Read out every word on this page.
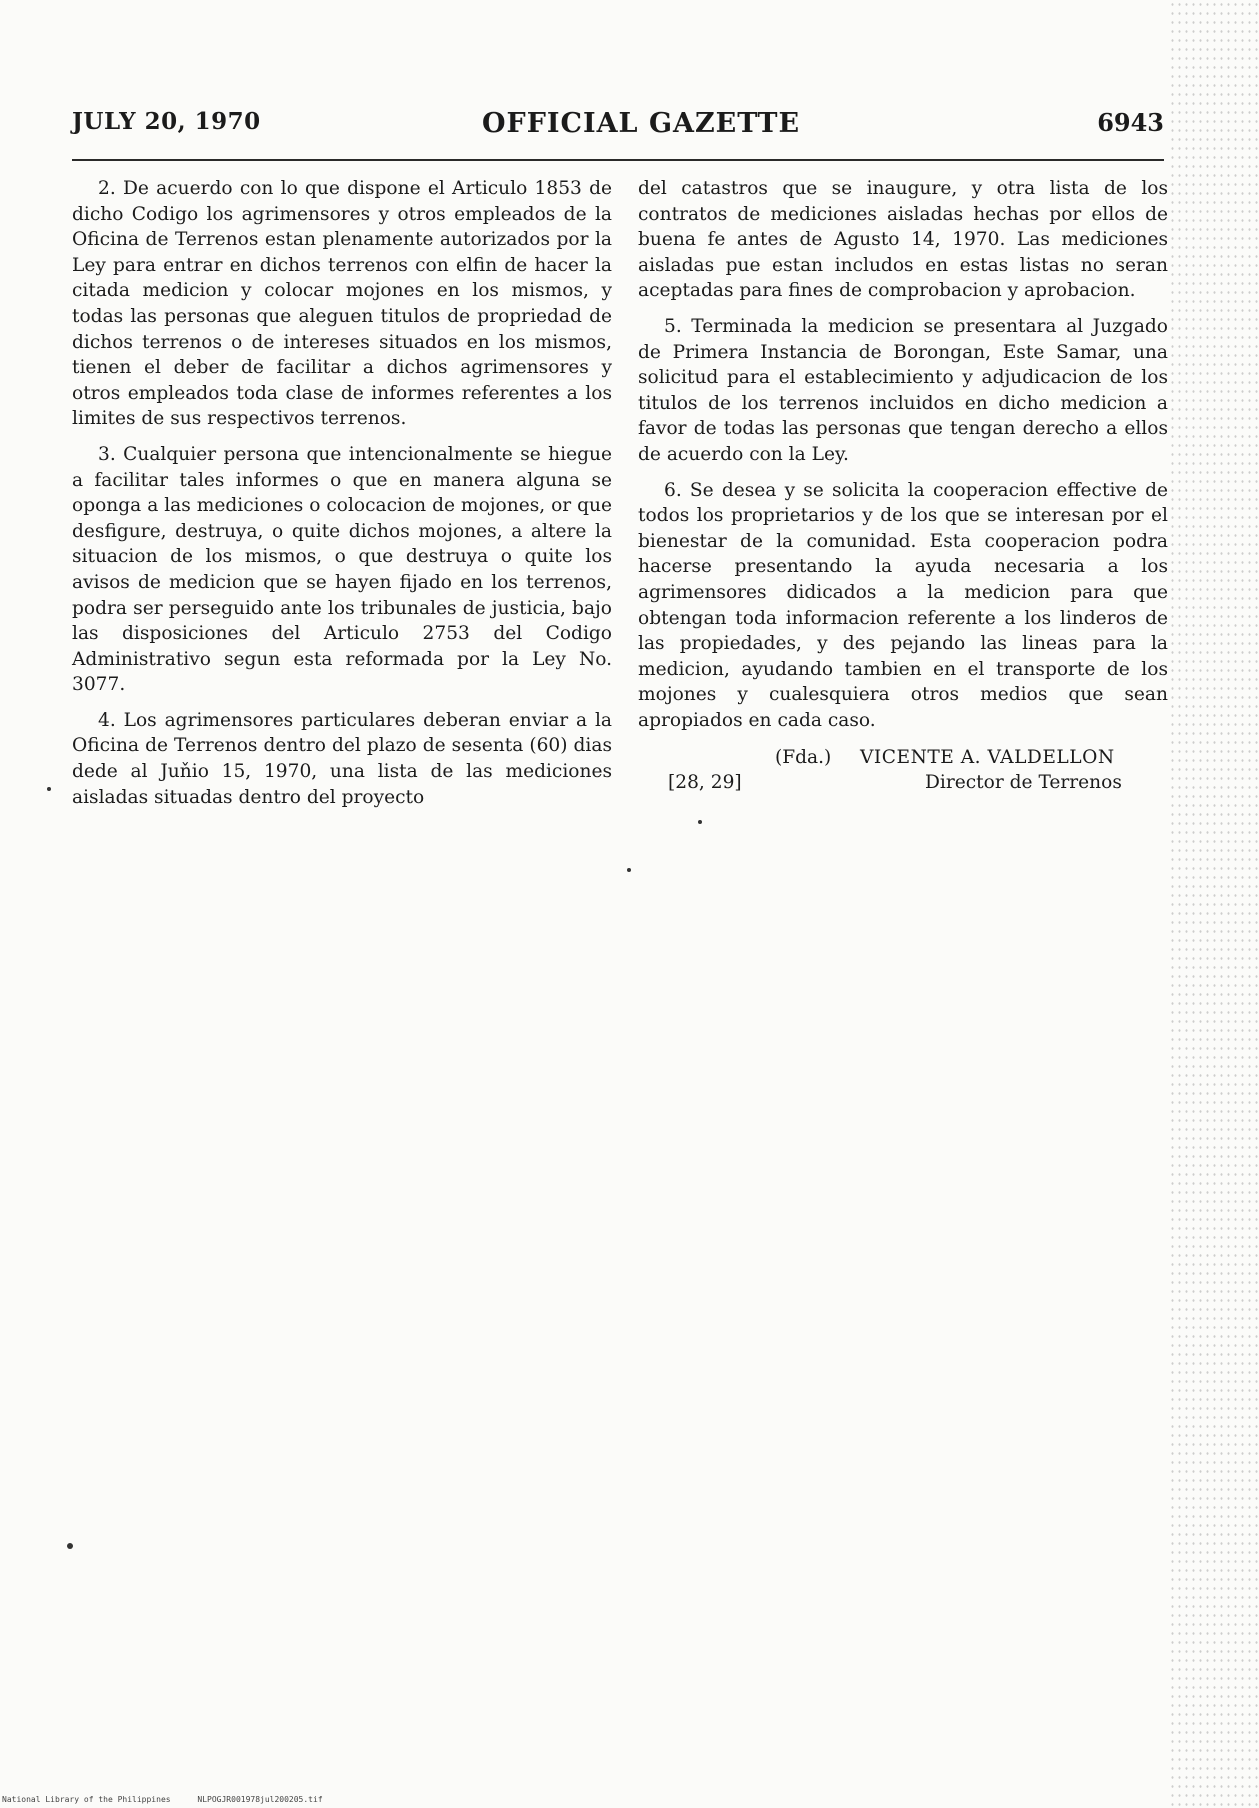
JULY 20, 1970	OFFICIAL GAZETTE	6943

2. De acuerdo con lo que dispone el Articulo 1853 de dicho Codigo los agrimensores y otros empleados de la Oficina de Terrenos estan plenamente autorizados por la Ley para entrar en dichos terrenos con elfin de hacer la citada medicion y colocar mojones en los mismos, y todas las personas que aleguen titulos de propriedad de dichos terrenos o de intereses situados en los mismos, tienen el deber de facilitar a dichos agrimensores y otros empleados toda clase de informes referentes a los limites de sus respectivos terrenos.

3. Cualquier persona que intencionalmente se hiegue a facilitar tales informes o que en manera alguna se oponga a las mediciones o colocacion de mojones, or que desfigure, destruya, o quite dichos mojones, a altere la situacion de los mismos, o que destruya o quite los avisos de medicion que se hayen fijado en los terrenos, podra ser perseguido ante los tribunales de justicia, bajo las disposiciones del Articulo 2753 del Codigo Administrativo segun esta reformada por la Ley No. 3077.

4. Los agrimensores particulares deberan enviar a la Oficina de Terrenos dentro del plazo de sesenta (60) dias dede al Juňio 15, 1970, una lista de las mediciones aisladas situadas dentro del proyecto

del catastros que se inaugure, y otra lista de los contratos de mediciones aisladas hechas por ellos de buena fe antes de Agusto 14, 1970. Las mediciones aisladas pue estan includos en estas listas no seran aceptadas para fines de comprobacion y aprobacion.

5. Terminada la medicion se presentara al Juzgado de Primera Instancia de Borongan, Este Samar, una solicitud para el establecimiento y adjudicacion de los titulos de los terrenos incluidos en dicho medicion a favor de todas las personas que tengan derecho a ellos de acuerdo con la Ley.

6. Se desea y se solicita la cooperacion effective de todos los proprietarios y de los que se interesan por el bienestar de la comunidad. Esta cooperacion podra hacerse presentando la ayuda necesaria a los agrimensores didicados a la medicion para que obtengan toda informacion referente a los linderos de las propiedades, y des pejando las lineas para la medicion, ayudando tambien en el transporte de los mojones y cualesquiera otros medios que sean apropiados en cada caso.

(Fda.) VICENTE A. VALDELLON
[28, 29]	Director de Terrenos
National Library of the Philippines	NLPOGJR001978jul200205.tif
